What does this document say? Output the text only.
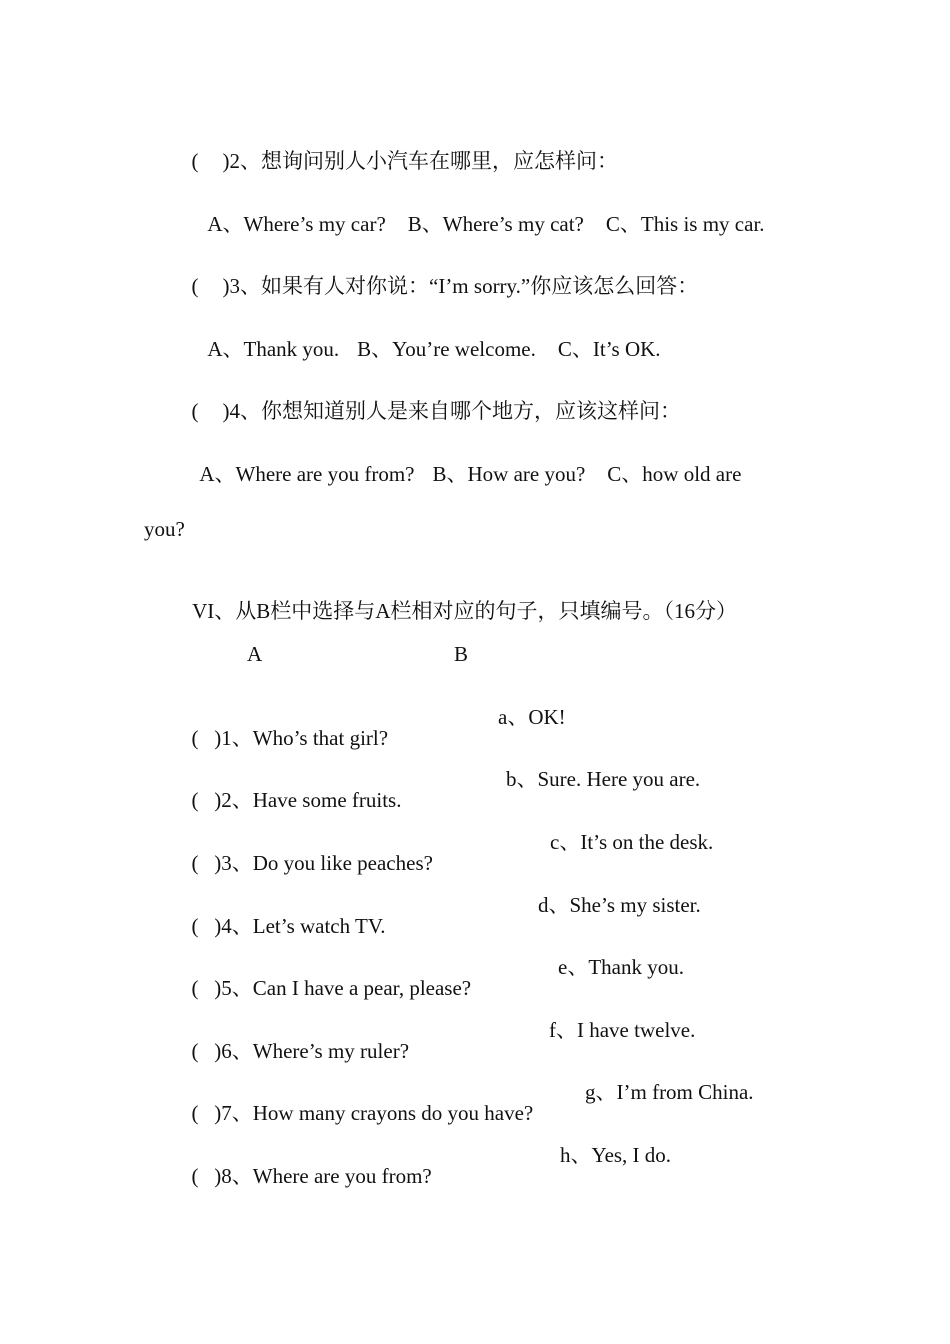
( )2、想询问别人小汽车在哪里，应怎样问：

A、Where’s my car? B、Where’s my cat? C、This is my car.

( )3、如果有人对你说：“I’m sorry.”你应该怎么回答：

A、Thank you. B、You’re welcome. C、It’s OK.

( )4、你想知道别人是来自哪个地方，应该这样问：

A、Where are you from? B、How are you? C、how old are

you?

VI、从B栏中选择与A栏相对应的句子，只填编号。（16分）

A	B

(   )1、Who’s that girl?

a、OK!

(   )2、Have some fruits.

b、Sure. Here you are.

(   )3、Do you like peaches?

c、It’s on the desk.

(   )4、Let’s watch TV.

d、She’s my sister.

(   )5、Can I have a pear, please?

e、Thank you.

(   )6、Where’s my ruler?

f、I have twelve.

(   )7、How many crayons do you have?

g、I’m from China.

(   )8、Where are you from?

h、Yes, I do.
